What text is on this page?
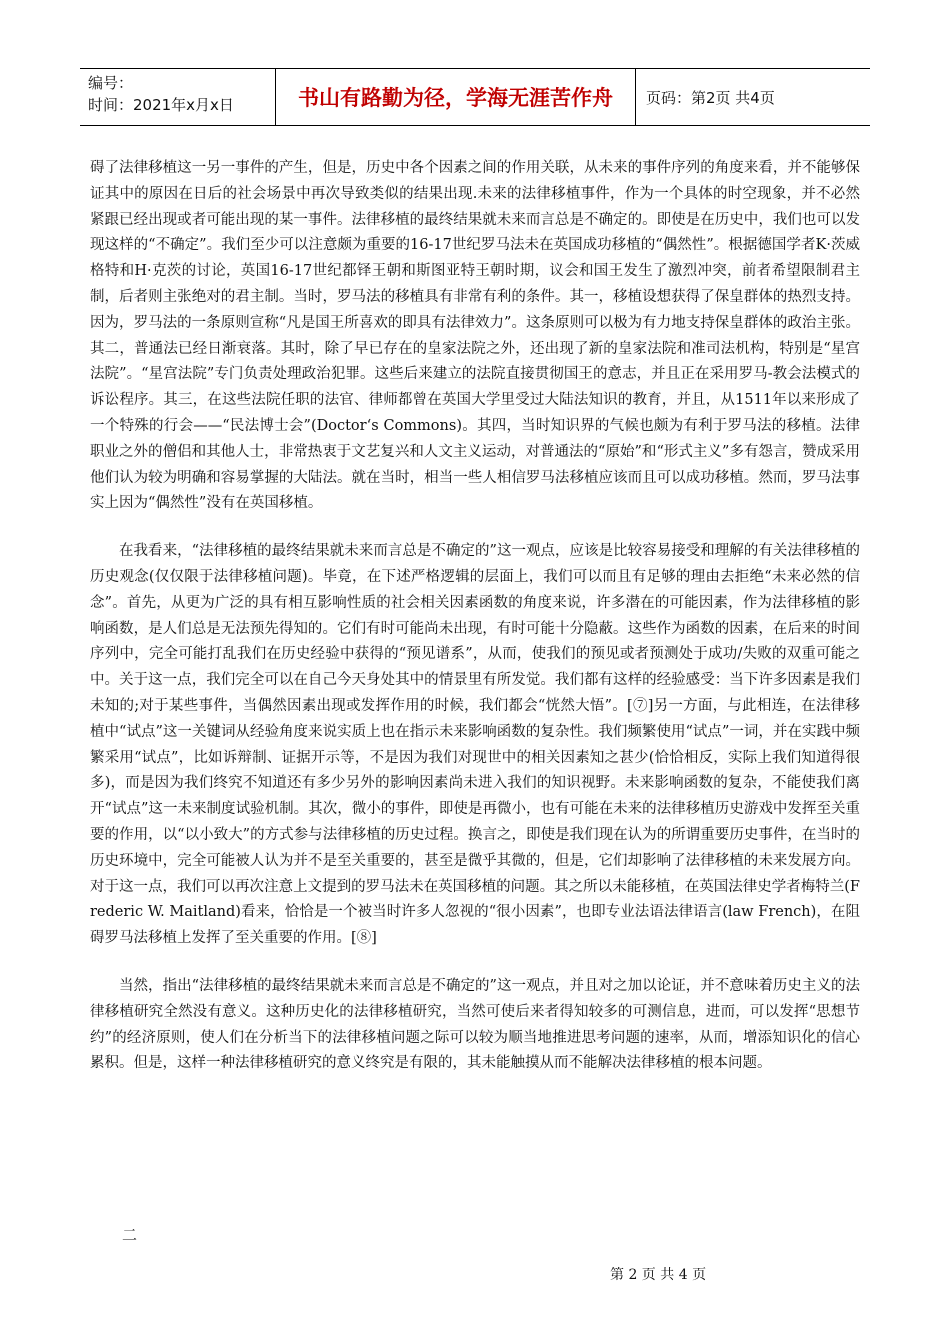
编号：
时间：2021年x月x日	书山有路勤为径，学海无涯苦作舟	页码：第2页 共4页

碍了法律移植这一另一事件的产生，但是，历史中各个因素之间的作用关联，从未来的事件序列的角度来看，并不能够保证其中的原因在日后的社会场景中再次导致类似的结果出现.未来的法律移植事件，作为一个具体的时空现象，并不必然紧跟已经出现或者可能出现的某一事件。法律移植的最终结果就未来而言总是不确定的。即使是在历史中，我们也可以发现这样的“不确定”。我们至少可以注意颇为重要的16-17世纪罗马法未在英国成功移植的“偶然性”。根据德国学者K·茨威格特和H·克茨的讨论，英国16-17世纪都铎王朝和斯图亚特王朝时期，议会和国王发生了激烈冲突，前者希望限制君主制，后者则主张绝对的君主制。当时，罗马法的移植具有非常有利的条件。其一，移植设想获得了保皇群体的热烈支持。因为，罗马法的一条原则宣称“凡是国王所喜欢的即具有法律效力”。这条原则可以极为有力地支持保皇群体的政治主张。其二，普通法已经日渐衰落。其时，除了早已存在的皇家法院之外，还出现了新的皇家法院和准司法机构，特别是“星宫法院”。“星宫法院”专门负责处理政治犯罪。这些后来建立的法院直接贯彻国王的意志，并且正在采用罗马-教会法模式的诉讼程序。其三，在这些法院任职的法官、律师都曾在英国大学里受过大陆法知识的教育，并且，从1511年以来形成了一个特殊的行会——“民法博士会”(Doctor‘s Commons)。其四，当时知识界的气候也颇为有利于罗马法的移植。法律职业之外的僧侣和其他人士，非常热衷于文艺复兴和人文主义运动，对普通法的“原始”和“形式主义”多有怨言，赞成采用他们认为较为明确和容易掌握的大陆法。就在当时，相当一些人相信罗马法移植应该而且可以成功移植。然而，罗马法事实上因为“偶然性”没有在英国移植。

在我看来，“法律移植的最终结果就未来而言总是不确定的”这一观点，应该是比较容易接受和理解的有关法律移植的历史观念(仅仅限于法律移植问题)。毕竟，在下述严格逻辑的层面上，我们可以而且有足够的理由去拒绝“未来必然的信念”。首先，从更为广泛的具有相互影响性质的社会相关因素函数的角度来说，许多潜在的可能因素，作为法律移植的影响函数，是人们总是无法预先得知的。它们有时可能尚未出现，有时可能十分隐蔽。这些作为函数的因素，在后来的时间序列中，完全可能打乱我们在历史经验中获得的“预见谱系”，从而，使我们的预见或者预测处于成功/失败的双重可能之中。关于这一点，我们完全可以在自己今天身处其中的情景里有所发觉。我们都有这样的经验感受：当下许多因素是我们未知的;对于某些事件，当偶然因素出现或发挥作用的时候，我们都会“恍然大悟”。[⑦]另一方面，与此相连，在法律移植中“试点”这一关键词从经验角度来说实质上也在指示未来影响函数的复杂性。我们频繁使用“试点”一词，并在实践中频繁采用“试点”，比如诉辩制、证据开示等，不是因为我们对现世中的相关因素知之甚少(恰恰相反，实际上我们知道得很多)，而是因为我们终究不知道还有多少另外的影响因素尚未进入我们的知识视野。未来影响函数的复杂，不能使我们离开“试点”这一未来制度试验机制。其次，微小的事件，即使是再微小，也有可能在未来的法律移植历史游戏中发挥至关重要的作用，以“以小致大”的方式参与法律移植的历史过程。换言之，即使是我们现在认为的所谓重要历史事件，在当时的历史环境中，完全可能被人认为并不是至关重要的，甚至是微乎其微的，但是，它们却影响了法律移植的未来发展方向。对于这一点，我们可以再次注意上文提到的罗马法未在英国移植的问题。其之所以未能移植，在英国法律史学者梅特兰(Frederic W. Maitland)看来，恰恰是一个被当时许多人忽视的“很小因素”，也即专业法语法律语言(law French)，在阻碍罗马法移植上发挥了至关重要的作用。[⑧]

当然，指出“法律移植的最终结果就未来而言总是不确定的”这一观点，并且对之加以论证，并不意味着历史主义的法律移植研究全然没有意义。这种历史化的法律移植研究，当然可使后来者得知较多的可测信息，进而，可以发挥“思想节约”的经济原则，使人们在分析当下的法律移植问题之际可以较为顺当地推进思考问题的速率，从而，增添知识化的信心累积。但是，这样一种法律移植研究的意义终究是有限的，其未能触摸从而不能解决法律移植的根本问题。

二
第 2 页 共 4 页
